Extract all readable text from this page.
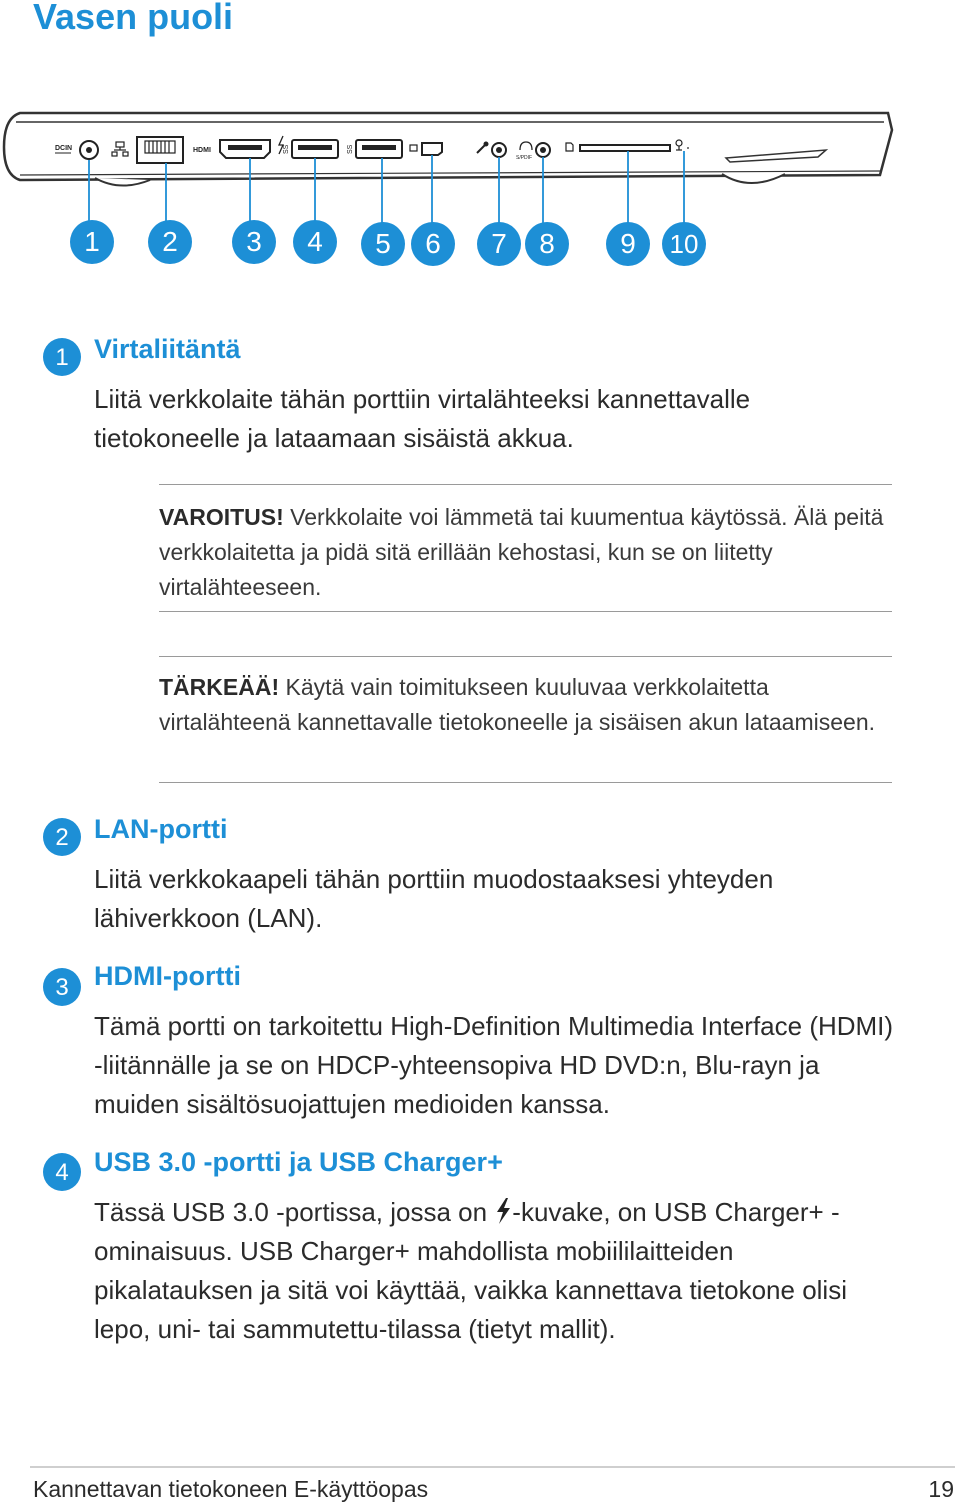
Vasen puoli
DCIN	HDMI	SS	SS
S/PDIF
1	2	3	4	5	6	7	8	9	10
1 Virtaliitäntä

Liitä verkkolaite tähän porttiin virtalähteeksi kannettavalle tietokoneelle ja lataamaan sisäistä akkua.

VAROITUS! Verkkolaite voi lämmetä tai kuumentua käytössä. Älä peitä verkkolaitetta ja pidä sitä erillään kehostasi, kun se on liitetty virtalähteeseen.

TÄRKEÄÄ! Käytä vain toimitukseen kuuluvaa verkkolaitetta virtalähteenä kannettavalle tietokoneelle ja sisäisen akun lataamiseen.

2 LAN-portti

Liitä verkkokaapeli tähän porttiin muodostaaksesi yhteyden lähiverkkoon (LAN).

3 HDMI-portti

Tämä portti on tarkoitettu High-Definition Multimedia Interface (HDMI) -liitännälle ja se on HDCP-yhteensopiva HD DVD:n, Blu-rayn ja muiden sisältösuojattujen medioiden kanssa.

4 USB 3.0 -portti ja USB Charger+

Tässä USB 3.0 -portissa, jossa on -kuvake, on USB Charger+ -ominaisuus. USB Charger+ mahdollista mobiililaitteiden pikalatauksen ja sitä voi käyttää, vaikka kannettava tietokone olisi lepo, uni- tai sammutettu-tilassa (tietyt mallit).

Kannettavan tietokoneen E-käyttöopas	19
